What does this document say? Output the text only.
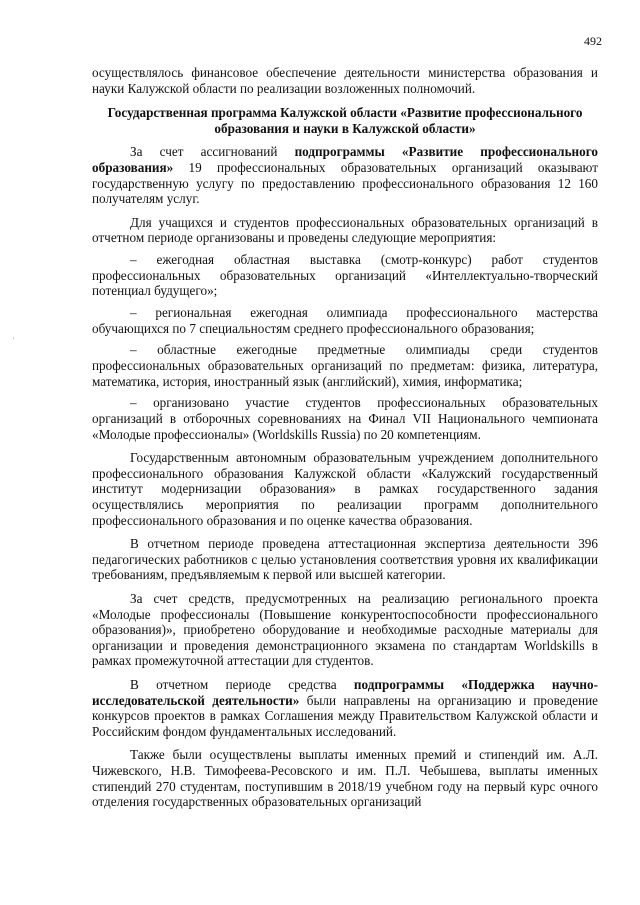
492
'

осуществлялось финансовое обеспечение деятельности министерства образования и науки Калужской области по реализации возложенных полномочий.

Государственная программа Калужской области «Развитие профессионального образования и науки в Калужской области»

За счет ассигнований подпрограммы «Развитие профессионального образования» 19 профессиональных образовательных организаций оказывают государственную услугу по предоставлению профессионального образования 12 160 получателям услуг.

Для учащихся и студентов профессиональных образовательных организаций в отчетном периоде организованы и проведены следующие мероприятия:

– ежегодная областная выставка (смотр-конкурс) работ студентов профессиональных образовательных организаций «Интеллектуально-творческий потенциал будущего»;

– региональная ежегодная олимпиада профессионального мастерства обучающихся по 7 специальностям среднего профессионального образования;

– областные ежегодные предметные олимпиады среди студентов профессиональных образовательных организаций по предметам: физика, литература, математика, история, иностранный язык (английский), химия, информатика;

– организовано участие студентов профессиональных образовательных организаций в отборочных соревнованиях на Финал VII Национального чемпионата «Молодые профессионалы» (Worldskills Russia) по 20 компетенциям.

Государственным автономным образовательным учреждением дополнительного профессионального образования Калужской области «Калужский государственный институт модернизации образования» в рамках государственного задания осуществлялись мероприятия по реализации программ дополнительного профессионального образования и по оценке качества образования.

В отчетном периоде проведена аттестационная экспертиза деятельности 396 педагогических работников с целью установления соответствия уровня их квалификации требованиям, предъявляемым к первой или высшей категории.

За счет средств, предусмотренных на реализацию регионального проекта «Молодые профессионалы (Повышение конкурентоспособности профессионального образования)», приобретено оборудование и необходимые расходные материалы для организации и проведения демонстрационного экзамена по стандартам Worldskills в рамках промежуточной аттестации для студентов.

В отчетном периоде средства подпрограммы «Поддержка научно-исследовательской деятельности» были направлены на организацию и проведение конкурсов проектов в рамках Соглашения между Правительством Калужской области и Российским фондом фундаментальных исследований.

Также были осуществлены выплаты именных премий и стипендий им. А.Л. Чижевского, Н.В. Тимофеева-Ресовского и им. П.Л. Чебышева, выплаты именных стипендий 270 студентам, поступившим в 2018/19 учебном году на первый курс очного отделения государственных образовательных организаций
